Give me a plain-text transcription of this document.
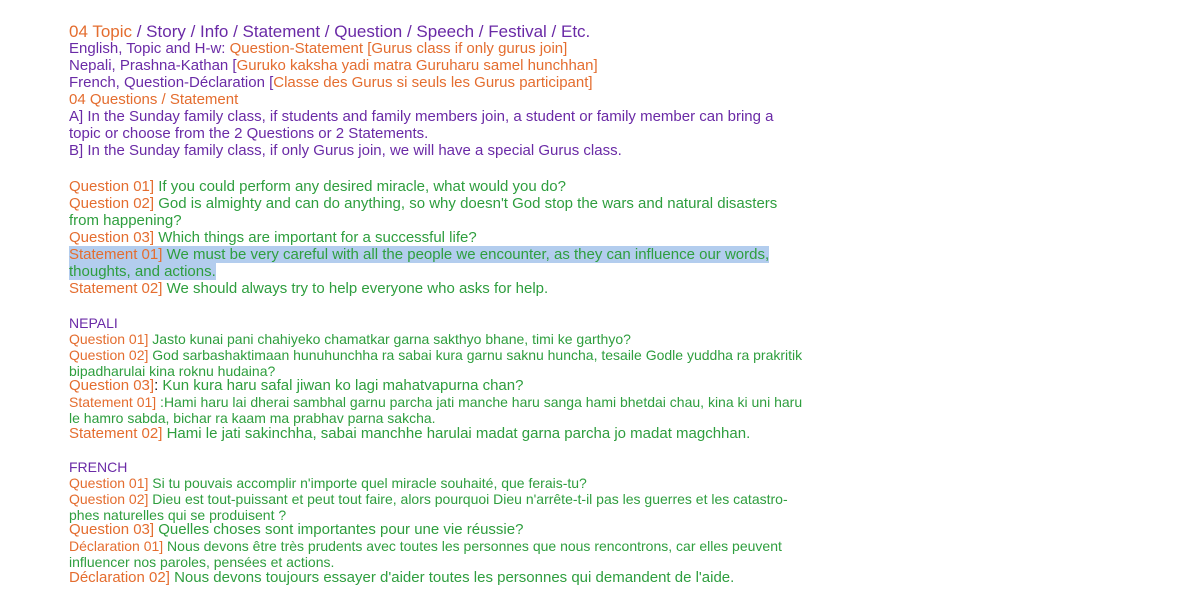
04 Topic / Story / Info / Statement / Question / Speech / Festival / Etc.

English, Topic and H-w: Question-Statement [Gurus class if only gurus join]

Nepali, Prashna-Kathan [Guruko kaksha yadi matra Guruharu samel hunchhan]

French, Question-Déclaration [Classe des Gurus si seuls les Gurus participant]

04 Questions / Statement

A] In the Sunday family class, if students and family members join, a student or family member can bring a

topic or choose from the 2 Questions or 2 Statements.

B] In the Sunday family class, if only Gurus join, we will have a special Gurus class.

Question 01] If you could perform any desired miracle, what would you do?

Question 02] God is almighty and can do anything, so why doesn't God stop the wars and natural disasters

from happening?

Question 03] Which things are important for a successful life?

Statement 01] We must be very careful with all the people we encounter, as they can influence our words,

thoughts, and actions.

Statement 02] We should always try to help everyone who asks for help.

NEPALI

Question 01] Jasto kunai pani chahiyeko chamatkar garna sakthyo bhane, timi ke garthyo?

Question 02] God sarbashaktimaan hunuhunchha ra sabai kura garnu saknu huncha, tesaile Godle yuddha ra prakritik

bipadharulai kina roknu hudaina?

Question 03]: Kun kura haru safal jiwan ko lagi mahatvapurna chan?

Statement 01] :Hami haru lai dherai sambhal garnu parcha jati manche haru sanga hami bhetdai chau, kina ki uni haru

le hamro sabda, bichar ra kaam ma prabhav parna sakcha.

Statement 02] Hami le jati sakinchha, sabai manchhe harulai madat garna parcha jo madat magchhan.

FRENCH

Question 01] Si tu pouvais accomplir n'importe quel miracle souhaité, que ferais-tu?

Question 02] Dieu est tout-puissant et peut tout faire, alors pourquoi Dieu n'arrête-t-il pas les guerres et les catastro-

phes naturelles qui se produisent ?

Question 03] Quelles choses sont importantes pour une vie réussie?

Déclaration 01] Nous devons être très prudents avec toutes les personnes que nous rencontrons, car elles peuvent

influencer nos paroles, pensées et actions.

Déclaration 02] Nous devons toujours essayer d'aider toutes les personnes qui demandent de l'aide.
